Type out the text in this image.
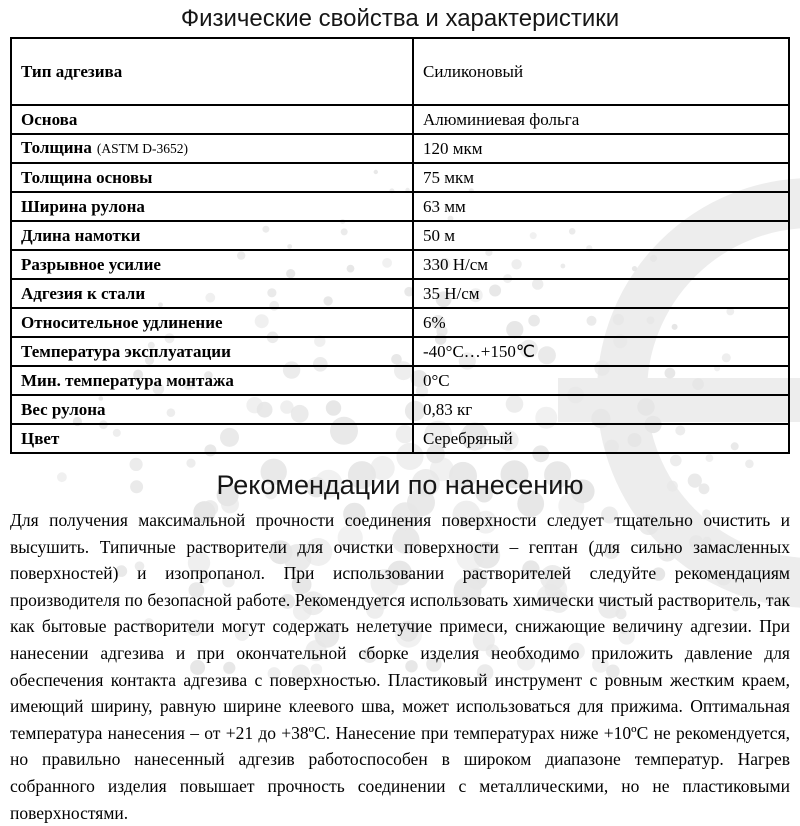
Физические свойства и характеристики
Тип адгезива	Силиконовый
Основа	Алюминиевая фольга
Толщина (ASTM D-3652)	120 мкм
Толщина основы	75 мкм
Ширина рулона	63 мм
Длина намотки	50 м
Разрывное усилие	330 Н/см
Адгезия к стали	35 Н/см
Относительное удлинение	6%
Температура эксплуатации	-40°C…+150℃
Мин. температура монтажа	0°C
Вес рулона	0,83 кг
Цвет	Серебряный
Рекомендации по нанесению

Для получения максимальной прочности соединения поверхности следует тщательно очистить и высушить. Типичные растворители для очистки поверхности – гептан (для сильно замасленных поверхностей) и изопропанол. При использовании растворителей следуйте рекомендациям производителя по безопасной работе. Рекомендуется использовать химически чистый растворитель, так как бытовые растворители могут содержать нелетучие примеси, снижающие величину адгезии. При нанесении адгезива и при окончательной сборке изделия необходимо приложить давление для обеспечения контакта адгезива с поверхностью. Пластиковый инструмент с ровным жестким краем, имеющий ширину, равную ширине клеевого шва, может использоваться для прижима. Оптимальная температура нанесения – от +21 до +38ºC. Нанесение при температурах ниже +10ºC не рекомендуется, но правильно нанесенный адгезив работоспособен в широком диапазоне температур. Нагрев собранного изделия повышает прочность соединении с металлическими, но не пластиковыми поверхностями.
